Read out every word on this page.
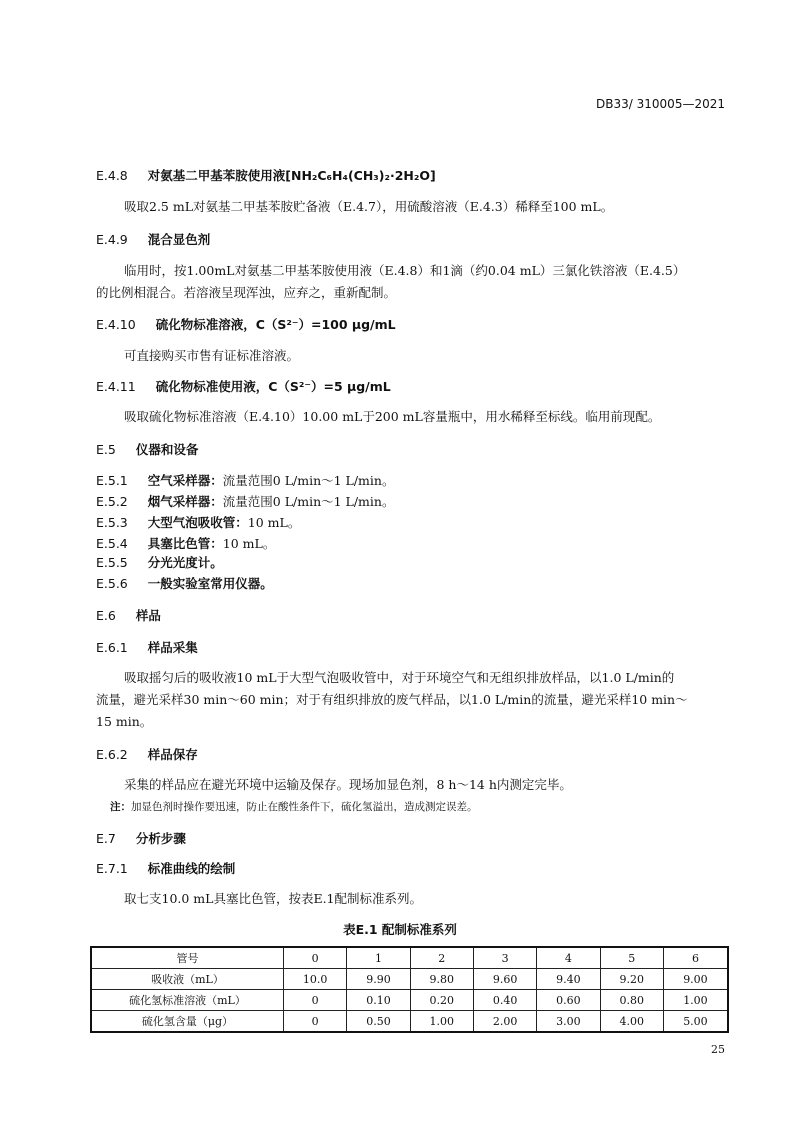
DB33/ 310005—2021
E.4.8 对氨基二甲基苯胺使用液[NH₂C₆H₄(CH₃)₂·2H₂O]
吸取2.5 mL对氨基二甲基苯胺贮备液（E.4.7），用硫酸溶液（E.4.3）稀释至100 mL。
E.4.9 混合显色剂
临用时，按1.00mL对氨基二甲基苯胺使用液（E.4.8）和1滴（约0.04 mL）三氯化铁溶液（E.4.5）
的比例相混合。若溶液呈现浑浊，应弃之，重新配制。
E.4.10 硫化物标准溶液，C（S²⁻）=100 μg/mL
可直接购买市售有证标准溶液。
E.4.11 硫化物标准使用液，C（S²⁻）=5 μg/mL
吸取硫化物标准溶液（E.4.10）10.00 mL于200 mL容量瓶中，用水稀释至标线。临用前现配。
E.5 仪器和设备
E.5.1 空气采样器：流量范围0 L/min～1 L/min。
E.5.2 烟气采样器：流量范围0 L/min～1 L/min。
E.5.3 大型气泡吸收管：10 mL。
E.5.4 具塞比色管：10 mL。
E.5.5 分光光度计。
E.5.6 一般实验室常用仪器。
E.6 样品
E.6.1 样品采集
吸取摇匀后的吸收液10 mL于大型气泡吸收管中，对于环境空气和无组织排放样品，以1.0 L/min的
流量，避光采样30 min～60 min；对于有组织排放的废气样品，以1.0 L/min的流量，避光采样10 min～
15 min。
E.6.2 样品保存
采集的样品应在避光环境中运输及保存。现场加显色剂，8 h～14 h内测定完毕。
注：加显色剂时操作要迅速，防止在酸性条件下，硫化氢溢出，造成测定误差。
E.7 分析步骤
E.7.1 标准曲线的绘制
取七支10.0 mL具塞比色管，按表E.1配制标准系列。
表E.1 配制标准系列
管号	0	1	2	3	4	5	6
吸收液（mL）	10.0	9.90	9.80	9.60	9.40	9.20	9.00
硫化氢标准溶液（mL）	0	0.10	0.20	0.40	0.60	0.80	1.00
硫化氢含量（μg）	0	0.50	1.00	2.00	3.00	4.00	5.00
25
